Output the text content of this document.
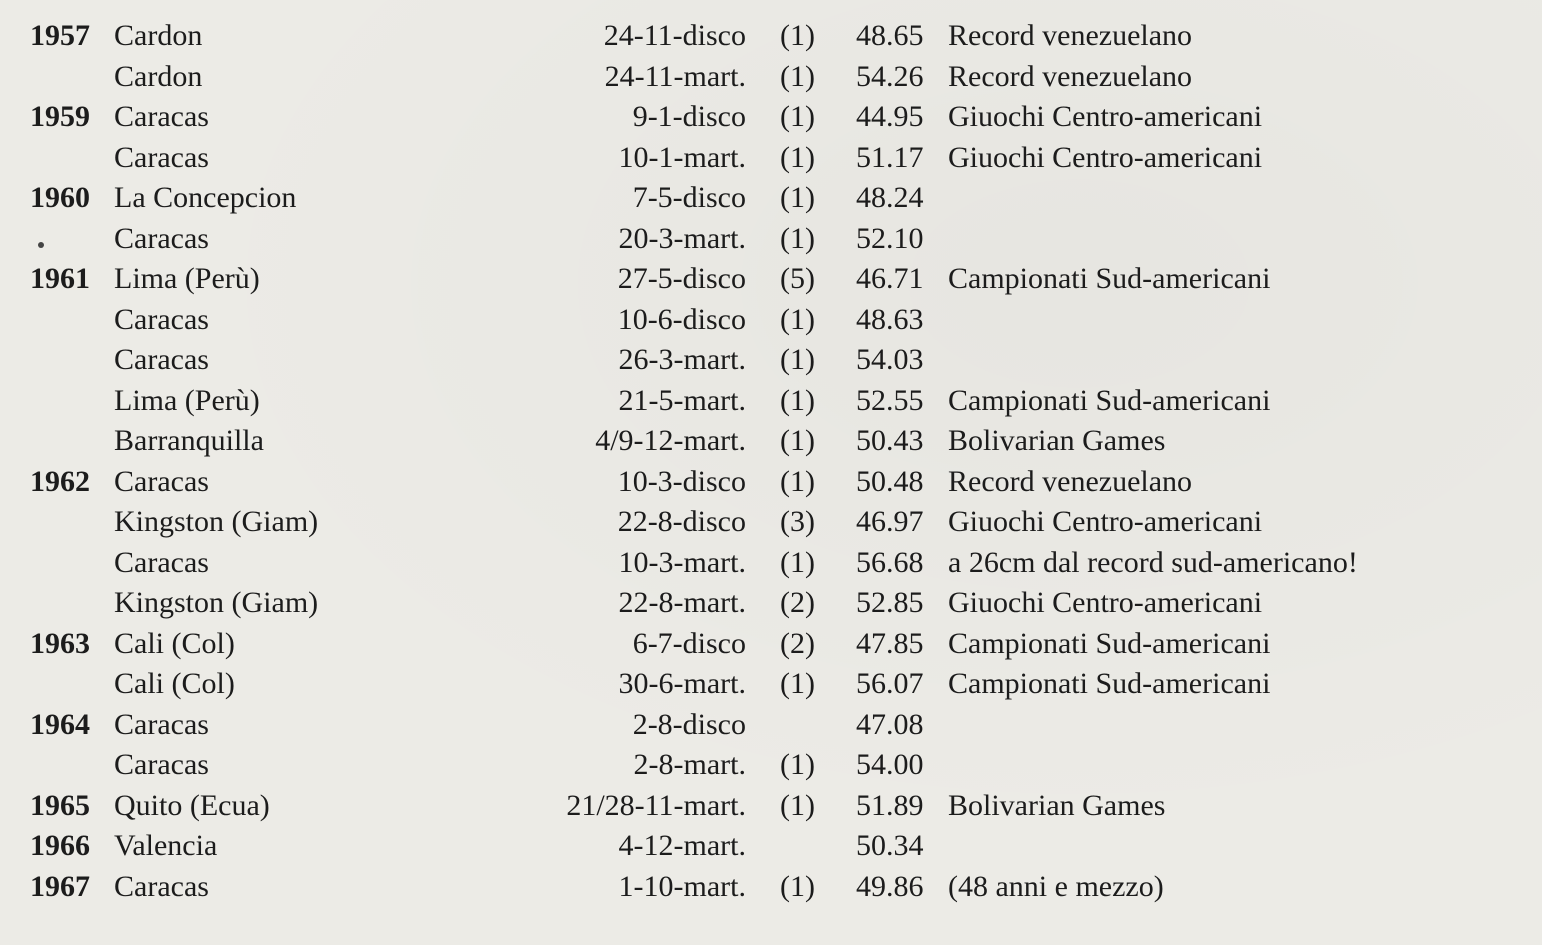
1957 Cardon	24-11-disco (1) 48.65 Record venezuelano
Cardon	24-11-mart. (1) 54.26 Record venezuelano
1959 Caracas	9-1-disco (1) 44.95 Giuochi Centro-americani
Caracas	10-1-mart. (1) 51.17 Giuochi Centro-americani
1960 La Concepcion	7-5-disco (1) 48.24
Caracas	20-3-mart. (1) 52.10
1961 Lima (Perù)	27-5-disco (5) 46.71 Campionati Sud-americani
Caracas	10-6-disco (1) 48.63
Caracas	26-3-mart. (1) 54.03
Lima (Perù)	21-5-mart. (1) 52.55 Campionati Sud-americani
Barranquilla	4/9-12-mart. (1) 50.43 Bolivarian Games
1962 Caracas	10-3-disco (1) 50.48 Record venezuelano
Kingston (Giam)	22-8-disco (3) 46.97 Giuochi Centro-americani
Caracas	10-3-mart. (1) 56.68 a 26cm dal record sud-americano!
Kingston (Giam)	22-8-mart. (2) 52.85 Giuochi Centro-americani
1963 Cali (Col)	6-7-disco (2) 47.85 Campionati Sud-americani
Cali (Col)	30-6-mart. (1) 56.07 Campionati Sud-americani
1964 Caracas	2-8-disco	47.08
Caracas	2-8-mart. (1) 54.00
1965 Quito (Ecua)	21/28-11-mart. (1) 51.89 Bolivarian Games
1966 Valencia	4-12-mart.	50.34
1967 Caracas	1-10-mart. (1) 49.86 (48 anni e mezzo)
